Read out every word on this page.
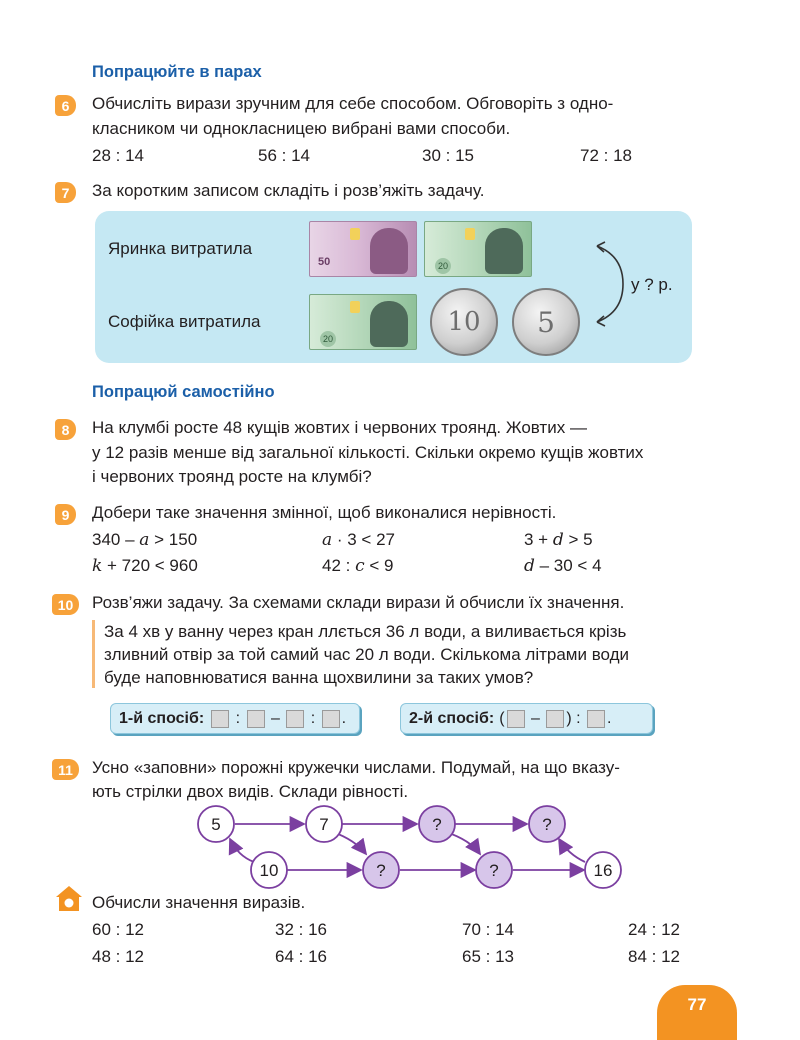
Попрацюйте в парах
6	Обчисліть вирази зручним для себе способом. Обговоріть з одно-
класником чи однокласницею вибрані вами способи.
28 : 14	56 : 14	30 : 15	72 : 18
7	За коротким записом складіть і розв’яжіть задачу.
Яринка витратила
Софійка витратила
50	20
20
10	5
у ? р.
Попрацюй самостійно
8	На клумбі росте 48 кущів жовтих і червоних троянд. Жовтих —
у 12 разів менше від загальної кількості. Скільки окремо кущів жовтих
і червоних троянд росте на клумбі?
9	Добери таке значення змінної, щоб виконалися нерівності.
340 – a > 150	a · 3 < 27	3 + d > 5
k + 720 < 960	42 : c < 9	d – 30 < 4
10	Розв’яжи задачу. За схемами склади вирази й обчисли їх значення.
За 4 хв у ванну через кран ллється 36 л води, а виливається крізь
зливний отвір за той самий час 20 л води. Скількома літрами води
буде наповнюватися ванна щохвилини за таких умов?
1-й спосіб: :
–
:
.	2-й спосіб: (
–
) :
.
11	Усно «заповни» порожні кружечки числами. Подумай, на що вказу-
ють стрілки двох видів. Склади рівності.
5	7	?	?
10	?	?	16
Обчисли значення виразів.
60 : 12	32 : 16	70 : 14	24 : 12
48 : 12	64 : 16	65 : 13	84 : 12
77
